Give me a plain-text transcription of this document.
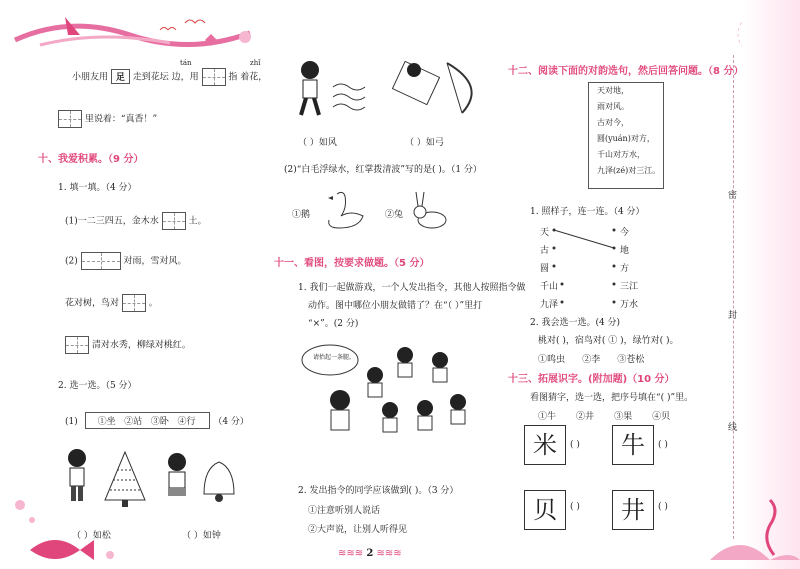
密
封
线
≋≋≋ 2 ≋≋≋
tán	zhǐ
小朋友用 足 走到花坛 边，用	指 着花，
里说着：“真香！”
十、我爱积累。（9 分）
1. 填一填。（4 分）
(1)一二三四五，金木水	土。
(2)	对雨，雪对风。
花对树，鸟对	。
清对水秀，柳绿对桃红。
2. 选一选。（5 分）
(1) ①坐 ②站 ③卧 ④行 （4 分）
（ ）如松	（ ）如钟
（ ）如风	（ ）如弓
(2)“白毛浮绿水，红掌拨清波”写的是( )。（1 分）
①鹅	②兔
十一、看图，按要求做题。（5 分）
1. 我们一起做游戏，一个人发出指令，其他人按照指令做
动作。图中哪位小朋友做错了？在“（ ）”里打
“×”。(2 分)
请抬起一条腿。
2. 发出指令的同学应该做到( )。（3 分）
①注意听别人说话
②大声说，让别人听得见
十二、阅读下面的对韵选句，然后回答问题。（8 分）
天对地，
雨对风。
古对今，
圆(yuán)对方，
千山对万水，
九泽(zé)对三江。
1. 照样子，连一连。（4 分）
天
古
圆
千山
九泽
今
地
方
三江
万水
2. 我会选一选。(4 分)
桃对( )，宿鸟对( ① )，绿竹对( )。
①鸣虫 ②李 ③苍松
十三、拓展识字。(附加题)（10 分）
看图猜字，选一选，把序号填在“( )”里。
①牛 ②井 ③果 ④贝
米	( )	牛	( )
贝	( )	井	( )
